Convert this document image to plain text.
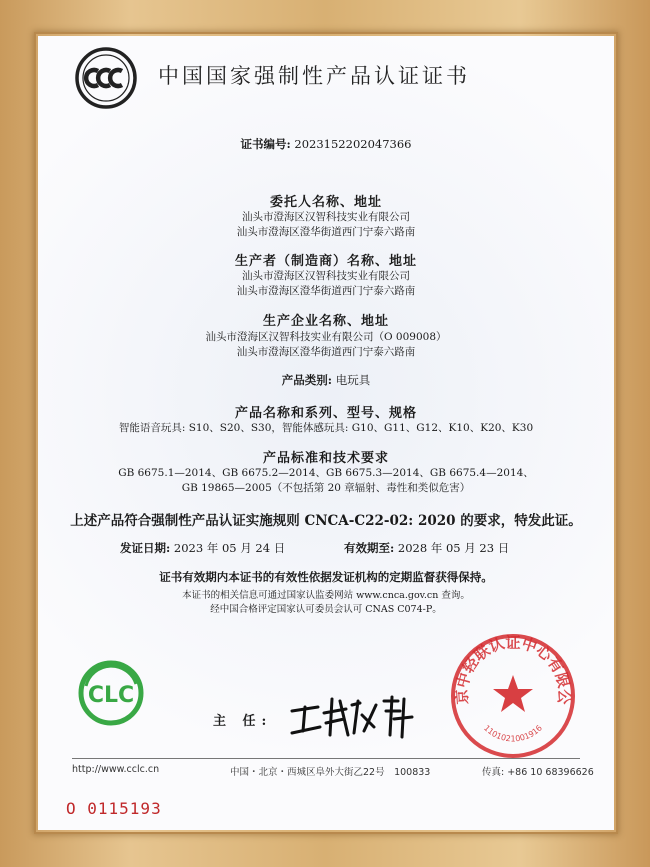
中国国家强制性产品认证证书
证书编号: 2023152202047366
委托人名称、地址
汕头市澄海区汉智科技实业有限公司
汕头市澄海区澄华街道西门宁泰六路南
生产者（制造商）名称、地址
汕头市澄海区汉智科技实业有限公司
汕头市澄海区澄华街道西门宁泰六路南
生产企业名称、地址
汕头市澄海区汉智科技实业有限公司（O 009008）
汕头市澄海区澄华街道西门宁泰六路南
产品类别: 电玩具
产品名称和系列、型号、规格
智能语音玩具: S10、S20、S30，智能体感玩具: G10、G11、G12、K10、K20、K30
产品标准和技术要求
GB 6675.1—2014、GB 6675.2—2014、GB 6675.3—2014、GB 6675.4—2014、
GB 19865—2005（不包括第 20 章辐射、毒性和类似危害）
上述产品符合强制性产品认证实施规则 CNCA-C22-02: 2020 的要求，特发此证。
发证日期: 2023 年 05 月 24 日	有效期至: 2028 年 05 月 23 日
证书有效期内本证书的有效性依据发证机构的定期监督获得保持。
本证书的相关信息可通过国家认监委网站 www.cnca.gov.cn 查询。
经中国合格评定国家认可委员会认可 CNAS C074-P。
CLC
主 任:
京中轻联认证中心有限公
1101021001916
http://www.cclc.cn	中国・北京・西城区阜外大街乙22号　100833	传真: +86 10 68396626
O 0115193
